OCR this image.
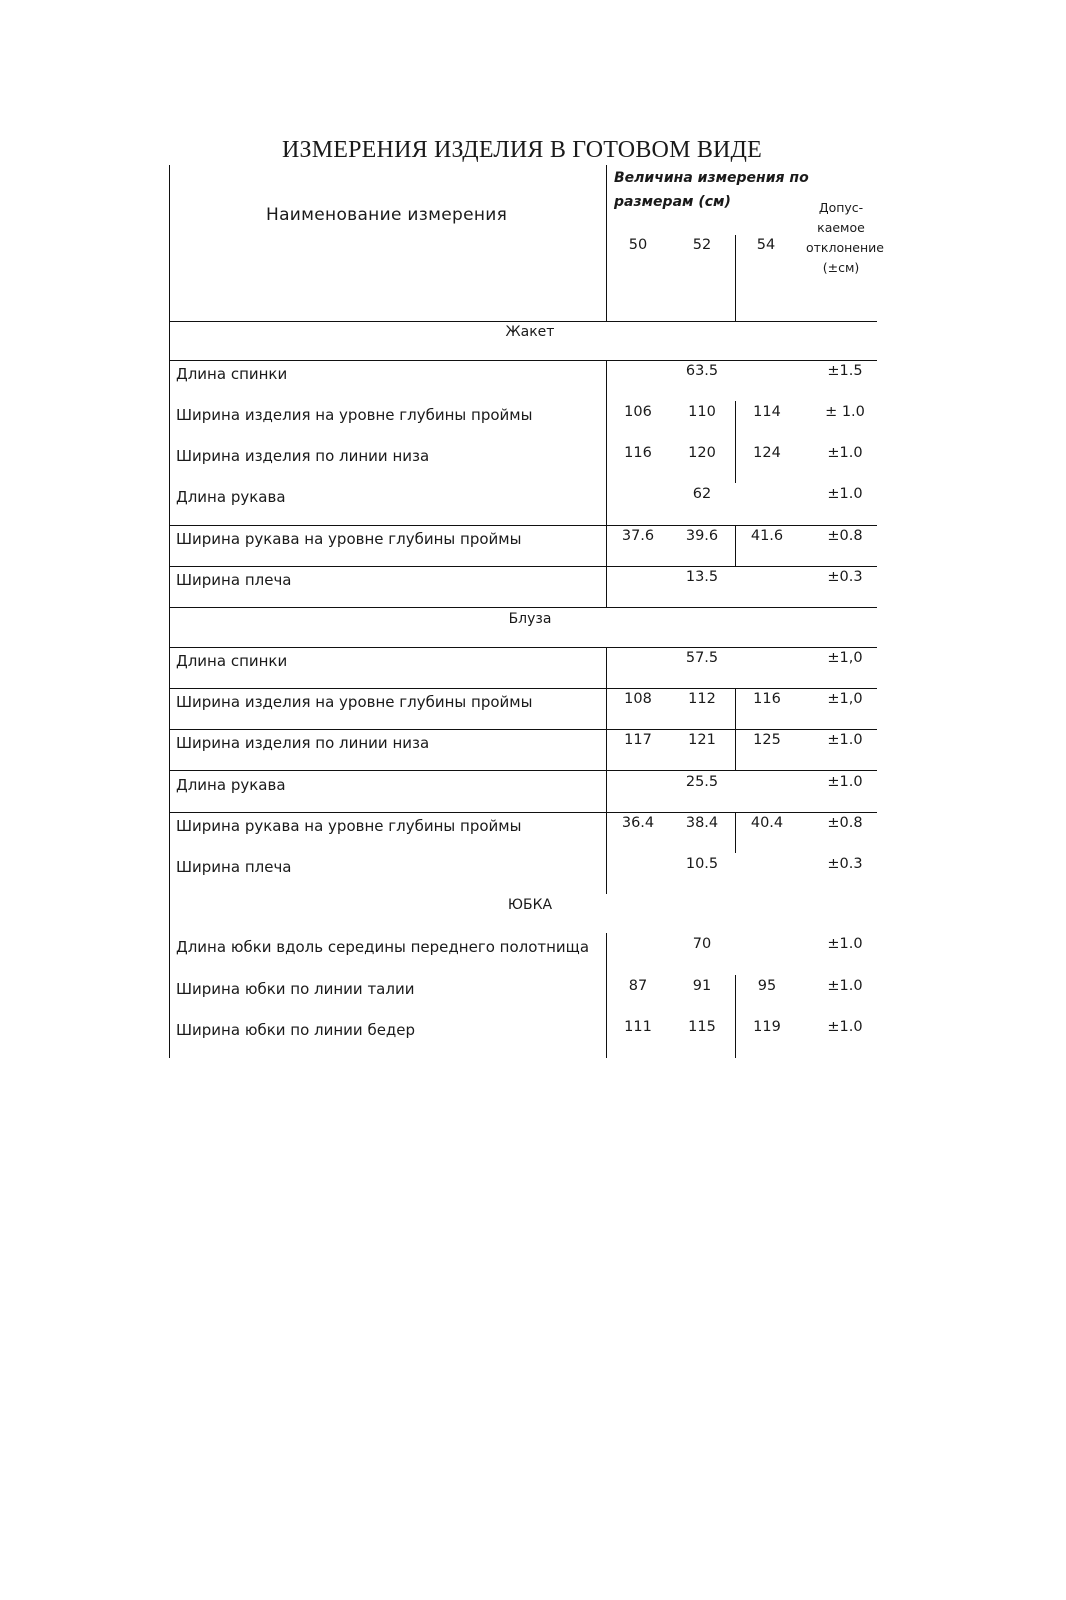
ИЗМЕРЕНИЯ ИЗДЕЛИЯ В ГОТОВОМ ВИДЕ
Наименование измерения
Величина измерения по
размерам (см)
50	52	54
Допус-
каемое
отклонение
(±см)
Жакет
Длина спинки	63.5	±1.5
Ширина изделия на уровне глубины проймы	106	110	114	± 1.0
Ширина изделия по линии низа	116	120	124	±1.0
Длина рукава	62	±1.0
Ширина рукава на уровне глубины проймы	37.6	39.6	41.6	±0.8
Ширина плеча	13.5	±0.3
Блуза
Длина спинки	57.5	±1,0
Ширина изделия на уровне глубины проймы	108	112	116	±1,0
Ширина изделия по линии низа	117	121	125	±1.0
Длина рукава	25.5	±1.0
Ширина рукава на уровне глубины проймы	36.4	38.4	40.4	±0.8
Ширина плеча	10.5	±0.3
ЮБКА
Длина юбки вдоль середины переднего полотнища	70	±1.0
Ширина юбки по линии талии	87	91	95	±1.0
Ширина юбки по линии бедер	111	115	119	±1.0
